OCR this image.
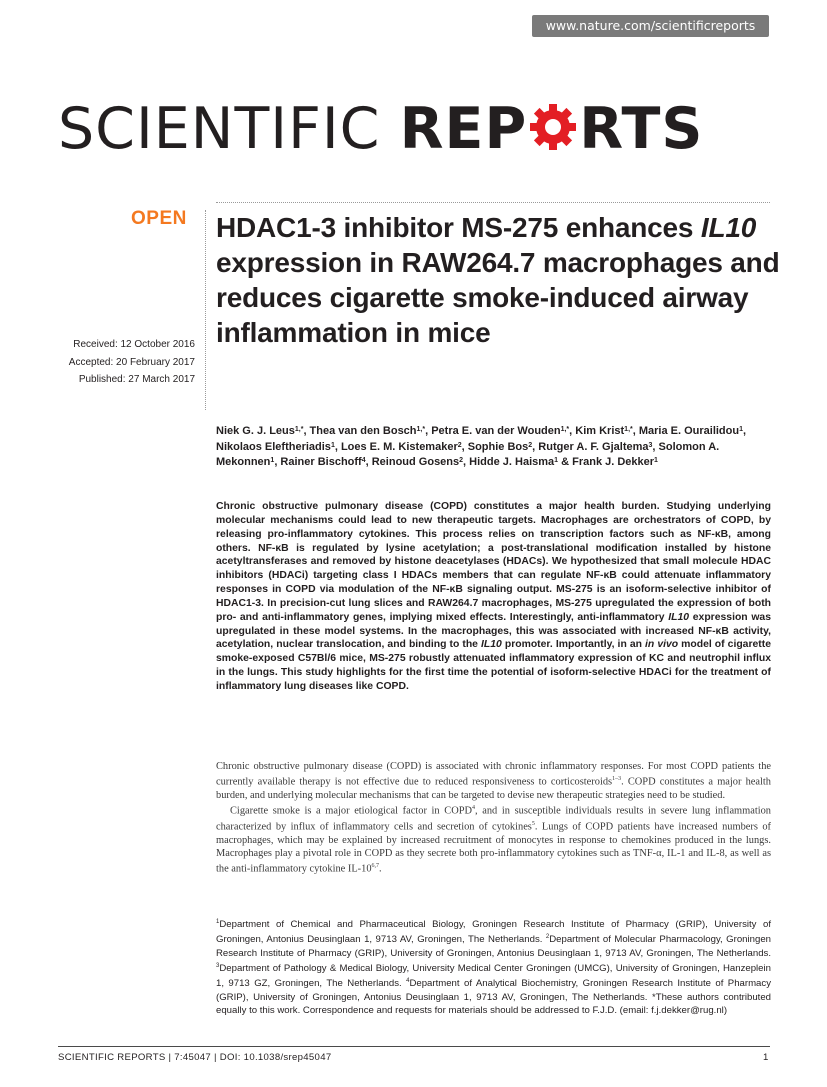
www.nature.com/scientificreports
SCIENTIFIC REP RTS
OPEN
Received: 12 October 2016
Accepted: 20 February 2017
Published: 27 March 2017
HDAC1-3 inhibitor MS-275 enhances IL10 expression in RAW264.7 macrophages and reduces cigarette smoke-induced airway inflammation in mice
Niek G. J. Leus$^{1,*}$, Thea van den Bosch$^{1,*}$, Petra E. van der Wouden$^{1,*}$, Kim Krist$^{1,*}$, Maria E. Ourailidou$^1$, Nikolaos Eleftheriadis$^1$, Loes E. M. Kistemaker$^2$, Sophie Bos$^2$, Rutger A. F. Gjaltema$^3$, Solomon A. Mekonnen$^1$, Rainer Bischoff$^4$, Reinoud Gosens$^2$, Hidde J. Haisma$^1$ & Frank J. Dekker$^1$
Chronic obstructive pulmonary disease (COPD) constitutes a major health burden. Studying underlying molecular mechanisms could lead to new therapeutic targets. Macrophages are orchestrators of COPD, by releasing pro-inflammatory cytokines. This process relies on transcription factors such as NF-κB, among others. NF-κB is regulated by lysine acetylation; a post-translational modification installed by histone acetyltransferases and removed by histone deacetylases (HDACs). We hypothesized that small molecule HDAC inhibitors (HDACi) targeting class I HDACs members that can regulate NF-κB could attenuate inflammatory responses in COPD via modulation of the NF-κB signaling output. MS-275 is an isoform-selective inhibitor of HDAC1-3. In precision-cut lung slices and RAW264.7 macrophages, MS-275 upregulated the expression of both pro- and anti-inflammatory genes, implying mixed effects. Interestingly, anti-inflammatory IL10 expression was upregulated in these model systems. In the macrophages, this was associated with increased NF-κB activity, acetylation, nuclear translocation, and binding to the IL10 promoter. Importantly, in an in vivo model of cigarette smoke-exposed C57Bl/6 mice, MS-275 robustly attenuated inflammatory expression of KC and neutrophil influx in the lungs. This study highlights for the first time the potential of isoform-selective HDACi for the treatment of inflammatory lung diseases like COPD.

Chronic obstructive pulmonary disease (COPD) is associated with chronic inflammatory responses. For most COPD patients the currently available therapy is not effective due to reduced responsiveness to corticosteroids$^{1-3}$. COPD constitutes a major health burden, and underlying molecular mechanisms that can be targeted to devise new therapeutic strategies need to be studied.

Cigarette smoke is a major etiological factor in COPD$^4$, and in susceptible individuals results in severe lung inflammation characterized by influx of inflammatory cells and secretion of cytokines$^5$. Lungs of COPD patients have increased numbers of macrophages, which may be explained by increased recruitment of monocytes in response to chemokines produced in the lungs. Macrophages play a pivotal role in COPD as they secrete both pro-inflammatory cytokines such as TNF-α, IL-1 and IL-8, as well as the anti-inflammatory cytokine IL-10$^{6,7}$.

$^1$Department of Chemical and Pharmaceutical Biology, Groningen Research Institute of Pharmacy (GRIP), University of Groningen, Antonius Deusinglaan 1, 9713 AV, Groningen, The Netherlands. $^2$Department of Molecular Pharmacology, Groningen Research Institute of Pharmacy (GRIP), University of Groningen, Antonius Deusinglaan 1, 9713 AV, Groningen, The Netherlands. $^3$Department of Pathology & Medical Biology, University Medical Center Groningen (UMCG), University of Groningen, Hanzeplein 1, 9713 GZ, Groningen, The Netherlands. $^4$Department of Analytical Biochemistry, Groningen Research Institute of Pharmacy (GRIP), University of Groningen, Antonius Deusinglaan 1, 9713 AV, Groningen, The Netherlands. *These authors contributed equally to this work. Correspondence and requests for materials should be addressed to F.J.D. (email: f.j.dekker@rug.nl)
SCIENTIFIC REPORTS | 7:45047 | DOI: 10.1038/srep45047	1
